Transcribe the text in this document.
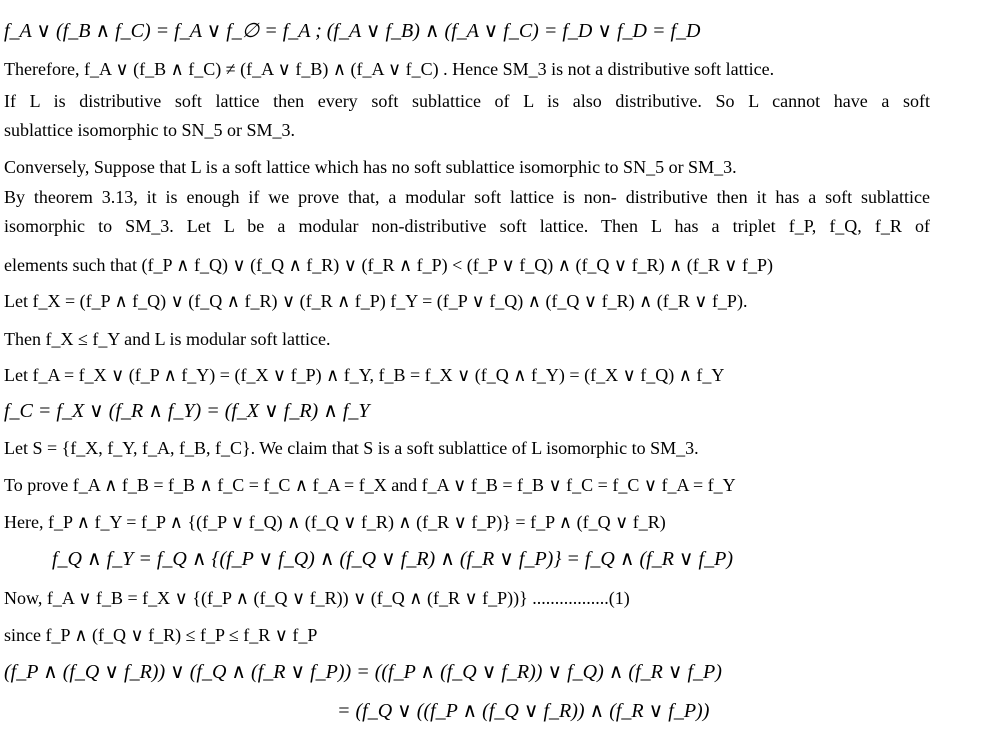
f_A ∨ (f_B ∧ f_C) = f_A ∨ f_∅ = f_A ; (f_A ∨ f_B) ∧ (f_A ∨ f_C) = f_D ∨ f_D = f_D
Therefore, f_A ∨ (f_B ∧ f_C) ≠ (f_A ∨ f_B) ∧ (f_A ∨ f_C) . Hence SM_3 is not a distributive soft lattice.
If L is distributive soft lattice then every soft sublattice of L is also distributive. So L cannot have a soft
sublattice isomorphic to SN_5 or SM_3.
Conversely, Suppose that L is a soft lattice which has no soft sublattice isomorphic to SN_5 or SM_3.
By theorem 3.13, it is enough if we prove that, a modular soft lattice is non- distributive then it has a soft sublattice
isomorphic to SM_3. Let L be a modular non-distributive soft lattice. Then L has a triplet f_P, f_Q, f_R of
elements such that (f_P ∧ f_Q) ∨ (f_Q ∧ f_R) ∨ (f_R ∧ f_P) < (f_P ∨ f_Q) ∧ (f_Q ∨ f_R) ∧ (f_R ∨ f_P)
Let f_X = (f_P ∧ f_Q) ∨ (f_Q ∧ f_R) ∨ (f_R ∧ f_P) f_Y = (f_P ∨ f_Q) ∧ (f_Q ∨ f_R) ∧ (f_R ∨ f_P).
Then f_X ≤ f_Y and L is modular soft lattice.
Let f_A = f_X ∨ (f_P ∧ f_Y) = (f_X ∨ f_P) ∧ f_Y, f_B = f_X ∨ (f_Q ∧ f_Y) = (f_X ∨ f_Q) ∧ f_Y
f_C = f_X ∨ (f_R ∧ f_Y) = (f_X ∨ f_R) ∧ f_Y
Let S = {f_X, f_Y, f_A, f_B, f_C}. We claim that S is a soft sublattice of L isomorphic to SM_3.
To prove f_A ∧ f_B = f_B ∧ f_C = f_C ∧ f_A = f_X and f_A ∨ f_B = f_B ∨ f_C = f_C ∨ f_A = f_Y
Here, f_P ∧ f_Y = f_P ∧ {(f_P ∨ f_Q) ∧ (f_Q ∨ f_R) ∧ (f_R ∨ f_P)} = f_P ∧ (f_Q ∨ f_R)
f_Q ∧ f_Y = f_Q ∧ {(f_P ∨ f_Q) ∧ (f_Q ∨ f_R) ∧ (f_R ∨ f_P)} = f_Q ∧ (f_R ∨ f_P)
Now, f_A ∨ f_B = f_X ∨ {(f_P ∧ (f_Q ∨ f_R)) ∨ (f_Q ∧ (f_R ∨ f_P))} .................(1)
since f_P ∧ (f_Q ∨ f_R) ≤ f_P ≤ f_R ∨ f_P
(f_P ∧ (f_Q ∨ f_R)) ∨ (f_Q ∧ (f_R ∨ f_P)) = ((f_P ∧ (f_Q ∨ f_R)) ∨ f_Q) ∧ (f_R ∨ f_P)
= (f_Q ∨ ((f_P ∧ (f_Q ∨ f_R)) ∧ (f_R ∨ f_P))
